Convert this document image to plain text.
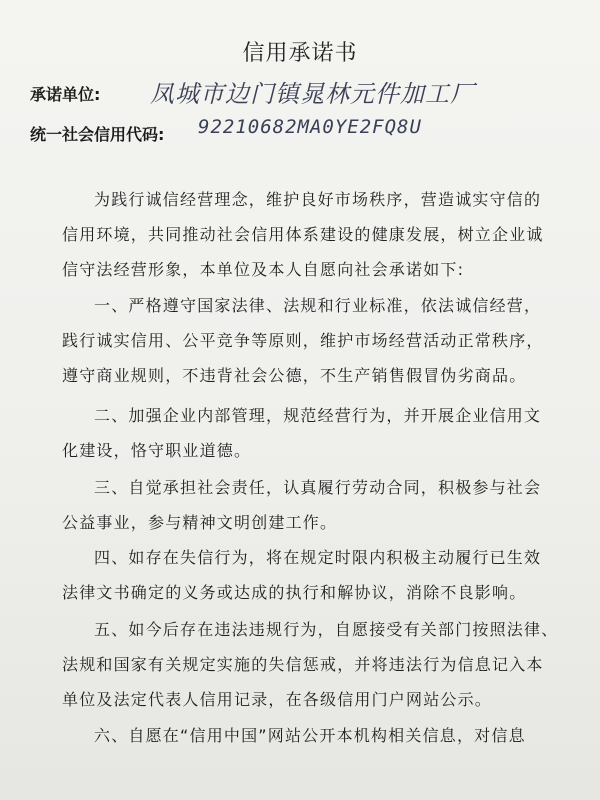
信用承诺书
承诺单位: 凤城市边门镇晁林元件加工厂
统一社会信用代码: 92210682MA0YE2FQ8U
为践行诚信经营理念，维护良好市场秩序，营造诚实守信的
信用环境，共同推动社会信用体系建设的健康发展，树立企业诚
信守法经营形象，本单位及本人自愿向社会承诺如下:
一、严格遵守国家法律、法规和行业标准，依法诚信经营，
践行诚实信用、公平竞争等原则，维护市场经营活动正常秩序，
遵守商业规则，不违背社会公德，不生产销售假冒伪劣商品。
二、加强企业内部管理，规范经营行为，并开展企业信用文
化建设，恪守职业道德。
三、自觉承担社会责任，认真履行劳动合同，积极参与社会
公益事业，参与精神文明创建工作。
四、如存在失信行为，将在规定时限内积极主动履行已生效
法律文书确定的义务或达成的执行和解协议，消除不良影响。
五、如今后存在违法违规行为，自愿接受有关部门按照法律、
法规和国家有关规定实施的失信惩戒，并将违法行为信息记入本
单位及法定代表人信用记录，在各级信用门户网站公示。
六、自愿在“信用中国”网站公开本机构相关信息，对信息
